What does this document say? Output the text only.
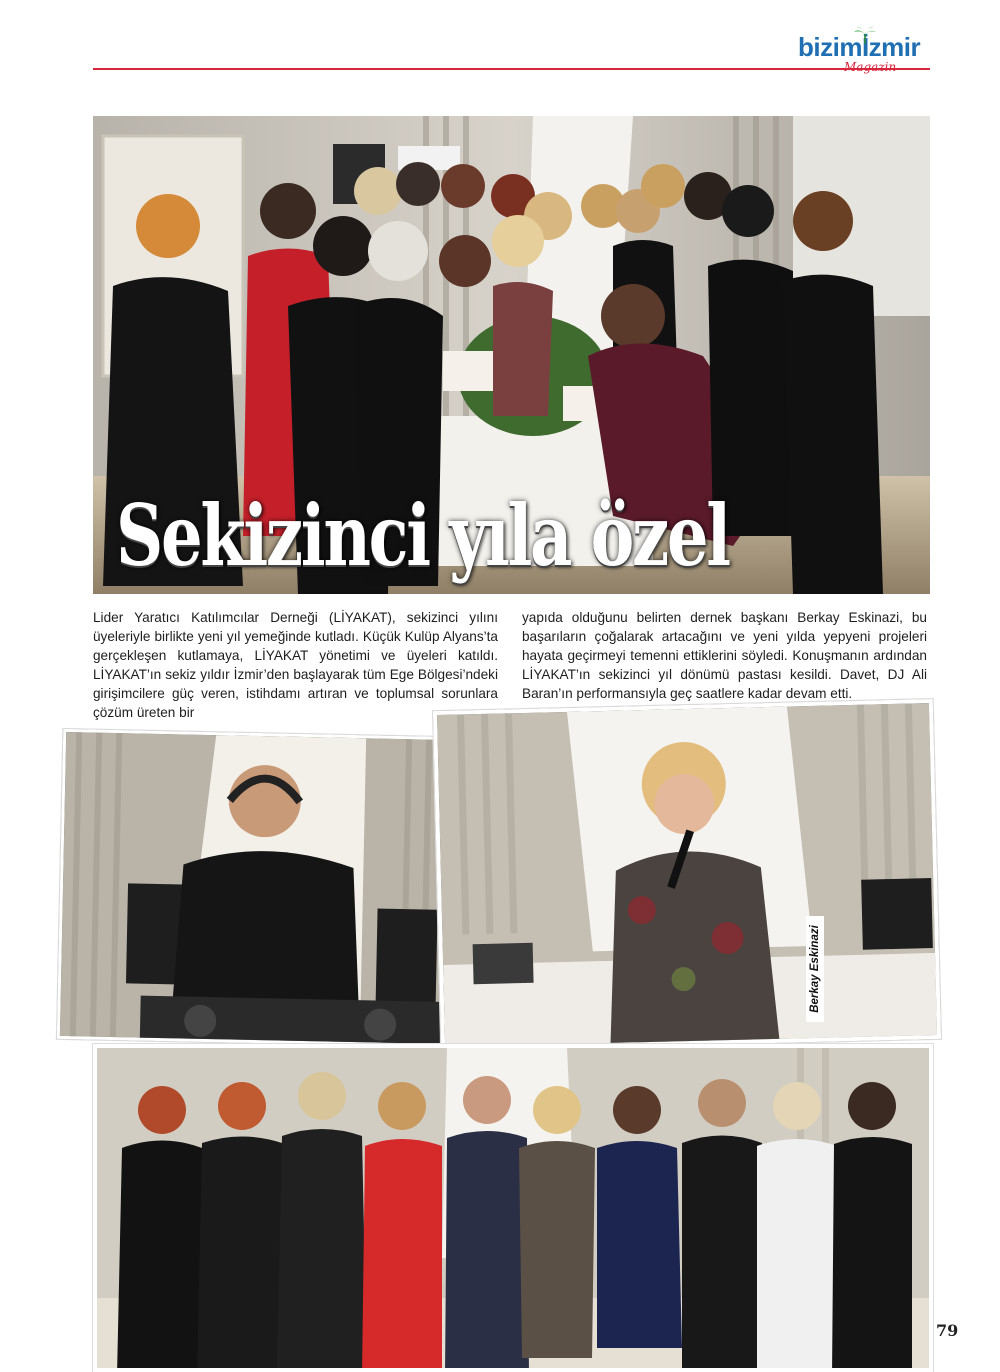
bizimİzmir
Magazin
Sekizinci yıla özel
Lider Yaratıcı Katılımcılar Derneği (LİYAKAT), sekizinci yılını üyeleriyle birlikte yeni yıl yemeğinde kutladı. Küçük Kulüp Alyans’ta gerçekleşen kutlamaya, LİYAKAT yönetimi ve üyeleri katıldı. LİYAKAT’ın sekiz yıldır İzmir’den başlayarak tüm Ege Bölgesi’ndeki girişimcilere güç veren, istihdamı artıran ve toplumsal sorunlara çözüm üreten bir
yapıda olduğunu belirten dernek başkanı Berkay Eskinazi, bu başarıların çoğalarak artacağını ve yeni yılda yepyeni projeleri hayata geçirmeyi temenni ettiklerini söyledi. Konuşmanın ardından LİYAKAT’ın sekizinci yıl dönümü pastası kesildi. Davet, DJ Ali Baran’ın performansıyla geç saatlere kadar devam etti.
Berkay Eskinazi
79
